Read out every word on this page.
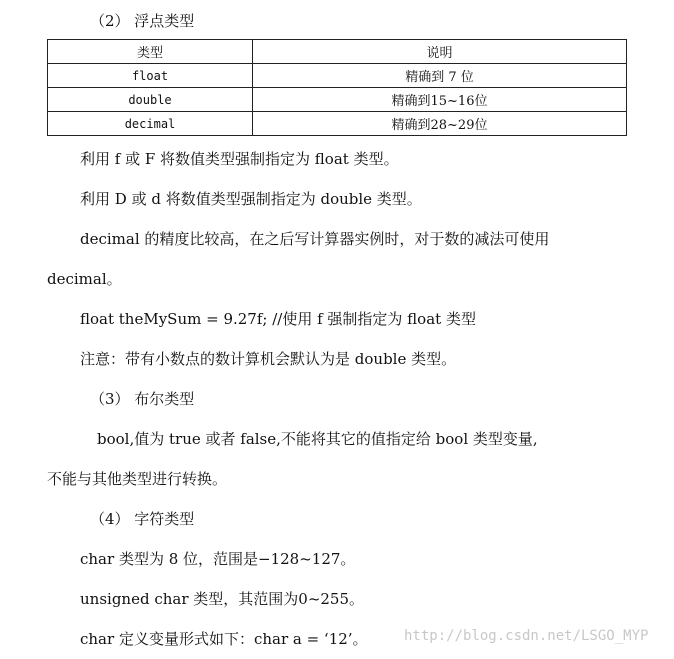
（2） 浮点类型
类型	说明
float	精确到 7 位
double	精确到15~16位
decimal	精确到28~29位
利用 f 或 F 将数值类型强制指定为 float 类型。
利用 D 或 d 将数值类型强制指定为 double 类型。
decimal 的精度比较高，在之后写计算器实例时，对于数的减法可使用
decimal。
float theMySum = 9.27f; //使用 f 强制指定为 float 类型
注意：带有小数点的数计算机会默认为是 double 类型。
（3） 布尔类型
bool,值为 true 或者 false,不能将其它的值指定给 bool 类型变量,
不能与其他类型进行转换。
（4） 字符类型
char 类型为 8 位，范围是−128~127。
unsigned char 类型，其范围为0~255。
char 定义变量形式如下：char a = ‘12’。	http://blog.csdn.net/LSGO_MYP
